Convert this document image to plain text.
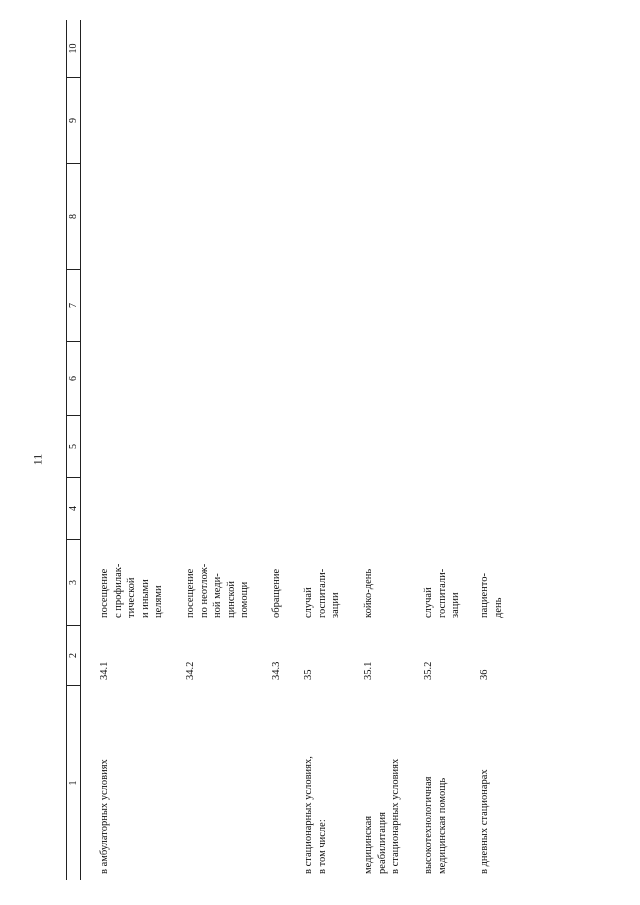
11
1
2
3
4
5
6
7
8
9
10
в амбулаторных условиях
34.1
посещение
с профилак-
тической
и иными
целями
34.2
посещение
по неотлож-
ной меди-
цинской
помощи
34.3
обращение
в стационарных условиях,
в том числе:
35
случай
госпитали-
зации
медицинская
реабилитация
в стационарных условиях
35.1
койко-день
высокотехнологичная
медицинская помощь
35.2
случай
госпитали-
зации
в дневных стационарах
36
пациенто-
день
